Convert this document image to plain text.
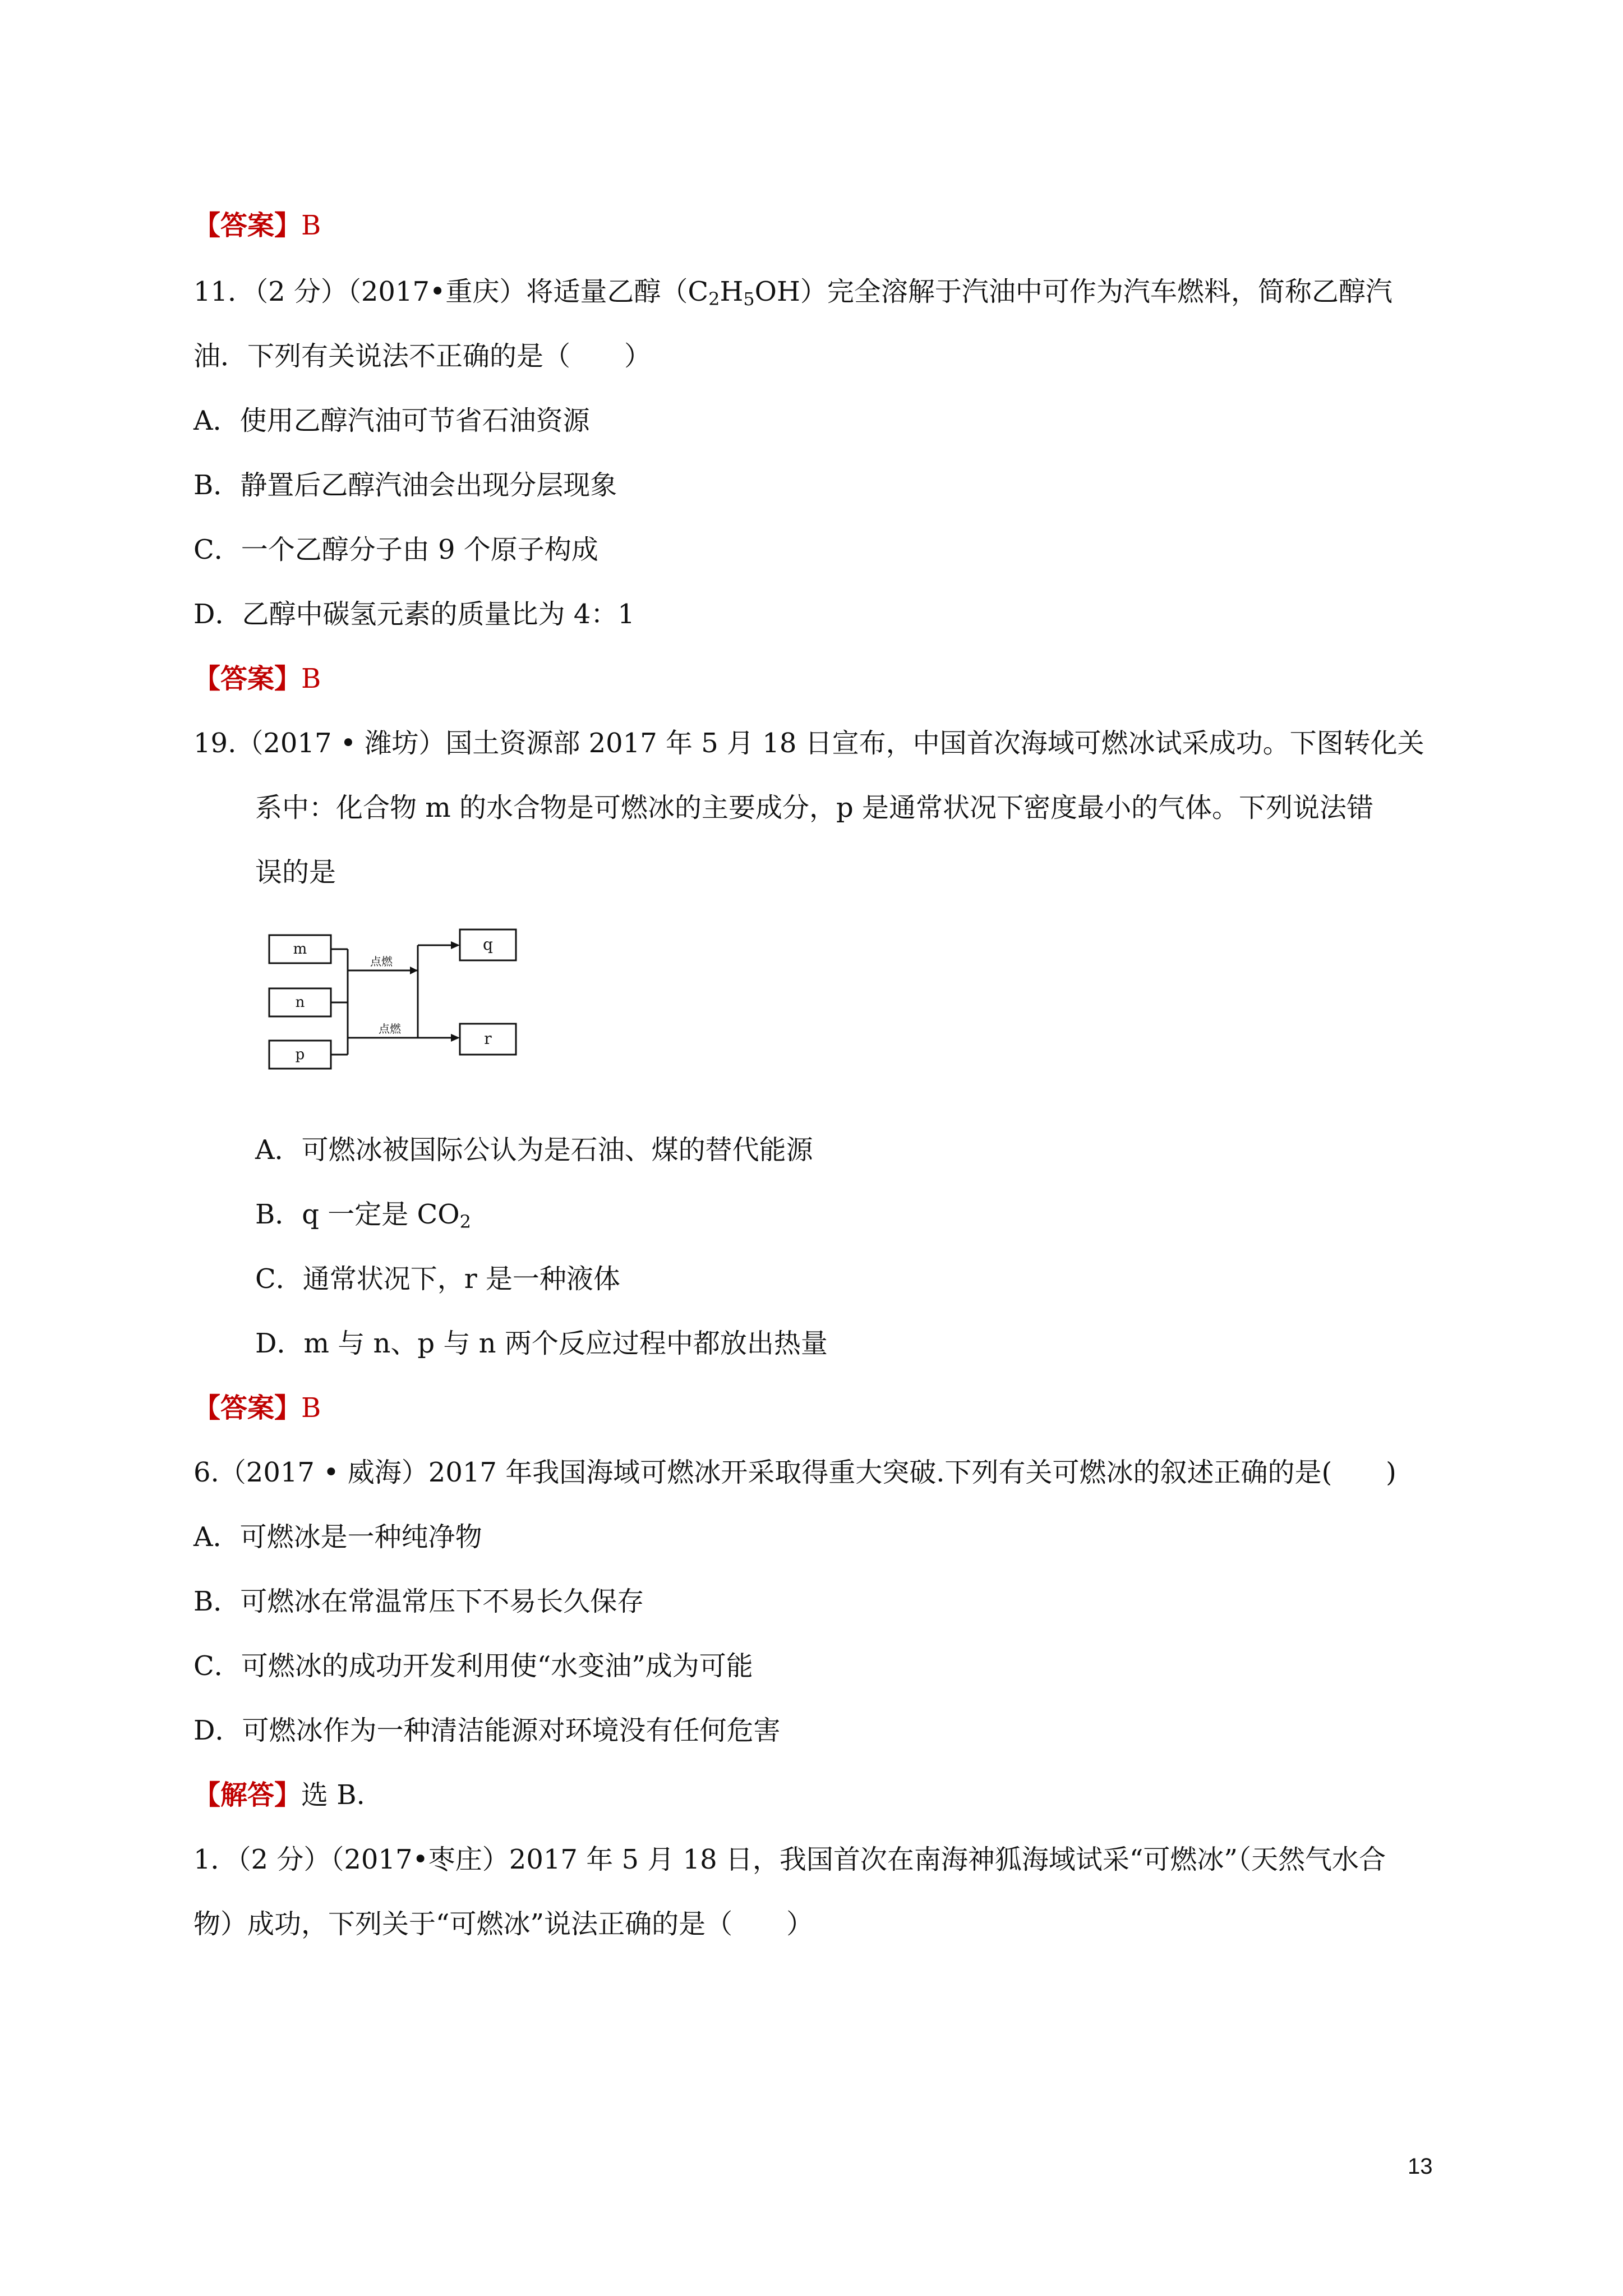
【答案】B
11．（2 分）（2017•重庆）将适量乙醇$(C_2H_5OH)$完全溶解于汽油中可作为汽车燃料，简称乙醇汽
油．下列有关说法不正确的是（　　）
A．使用乙醇汽油可节省石油资源
B．静置后乙醇汽油会出现分层现象
C．一个乙醇分子由 9 个原子构成
D．乙醇中碳氢元素的质量比为 4：1
【答案】B
19.（2017 • 潍坊）国土资源部 2017 年 5 月 18 日宣布，中国首次海域可燃冰试采成功。下图转化关
系中：化合物 m 的水合物是可燃冰的主要成分，p 是通常状况下密度最小的气体。下列说法错
误的是
m
n
p
q
r
点燃
点燃
A．可燃冰被国际公认为是石油、煤的替代能源
B．q 一定是 $CO_2$
C．通常状况下，r 是一种液体
D．m 与 n、p 与 n 两个反应过程中都放出热量
【答案】B
6.（2017 • 威海）2017 年我国海域可燃冰开采取得重大突破.下列有关可燃冰的叙述正确的是(　　)
A．可燃冰是一种纯净物
B．可燃冰在常温常压下不易长久保存
C．可燃冰的成功开发利用使“水变油”成为可能
D．可燃冰作为一种清洁能源对环境没有任何危害
【解答】选 B.
1．（2 分）（2017•枣庄）2017 年 5 月 18 日，我国首次在南海神狐海域试采“可燃冰”（天然气水合
物）成功，下列关于“可燃冰”说法正确的是（　　）
13
